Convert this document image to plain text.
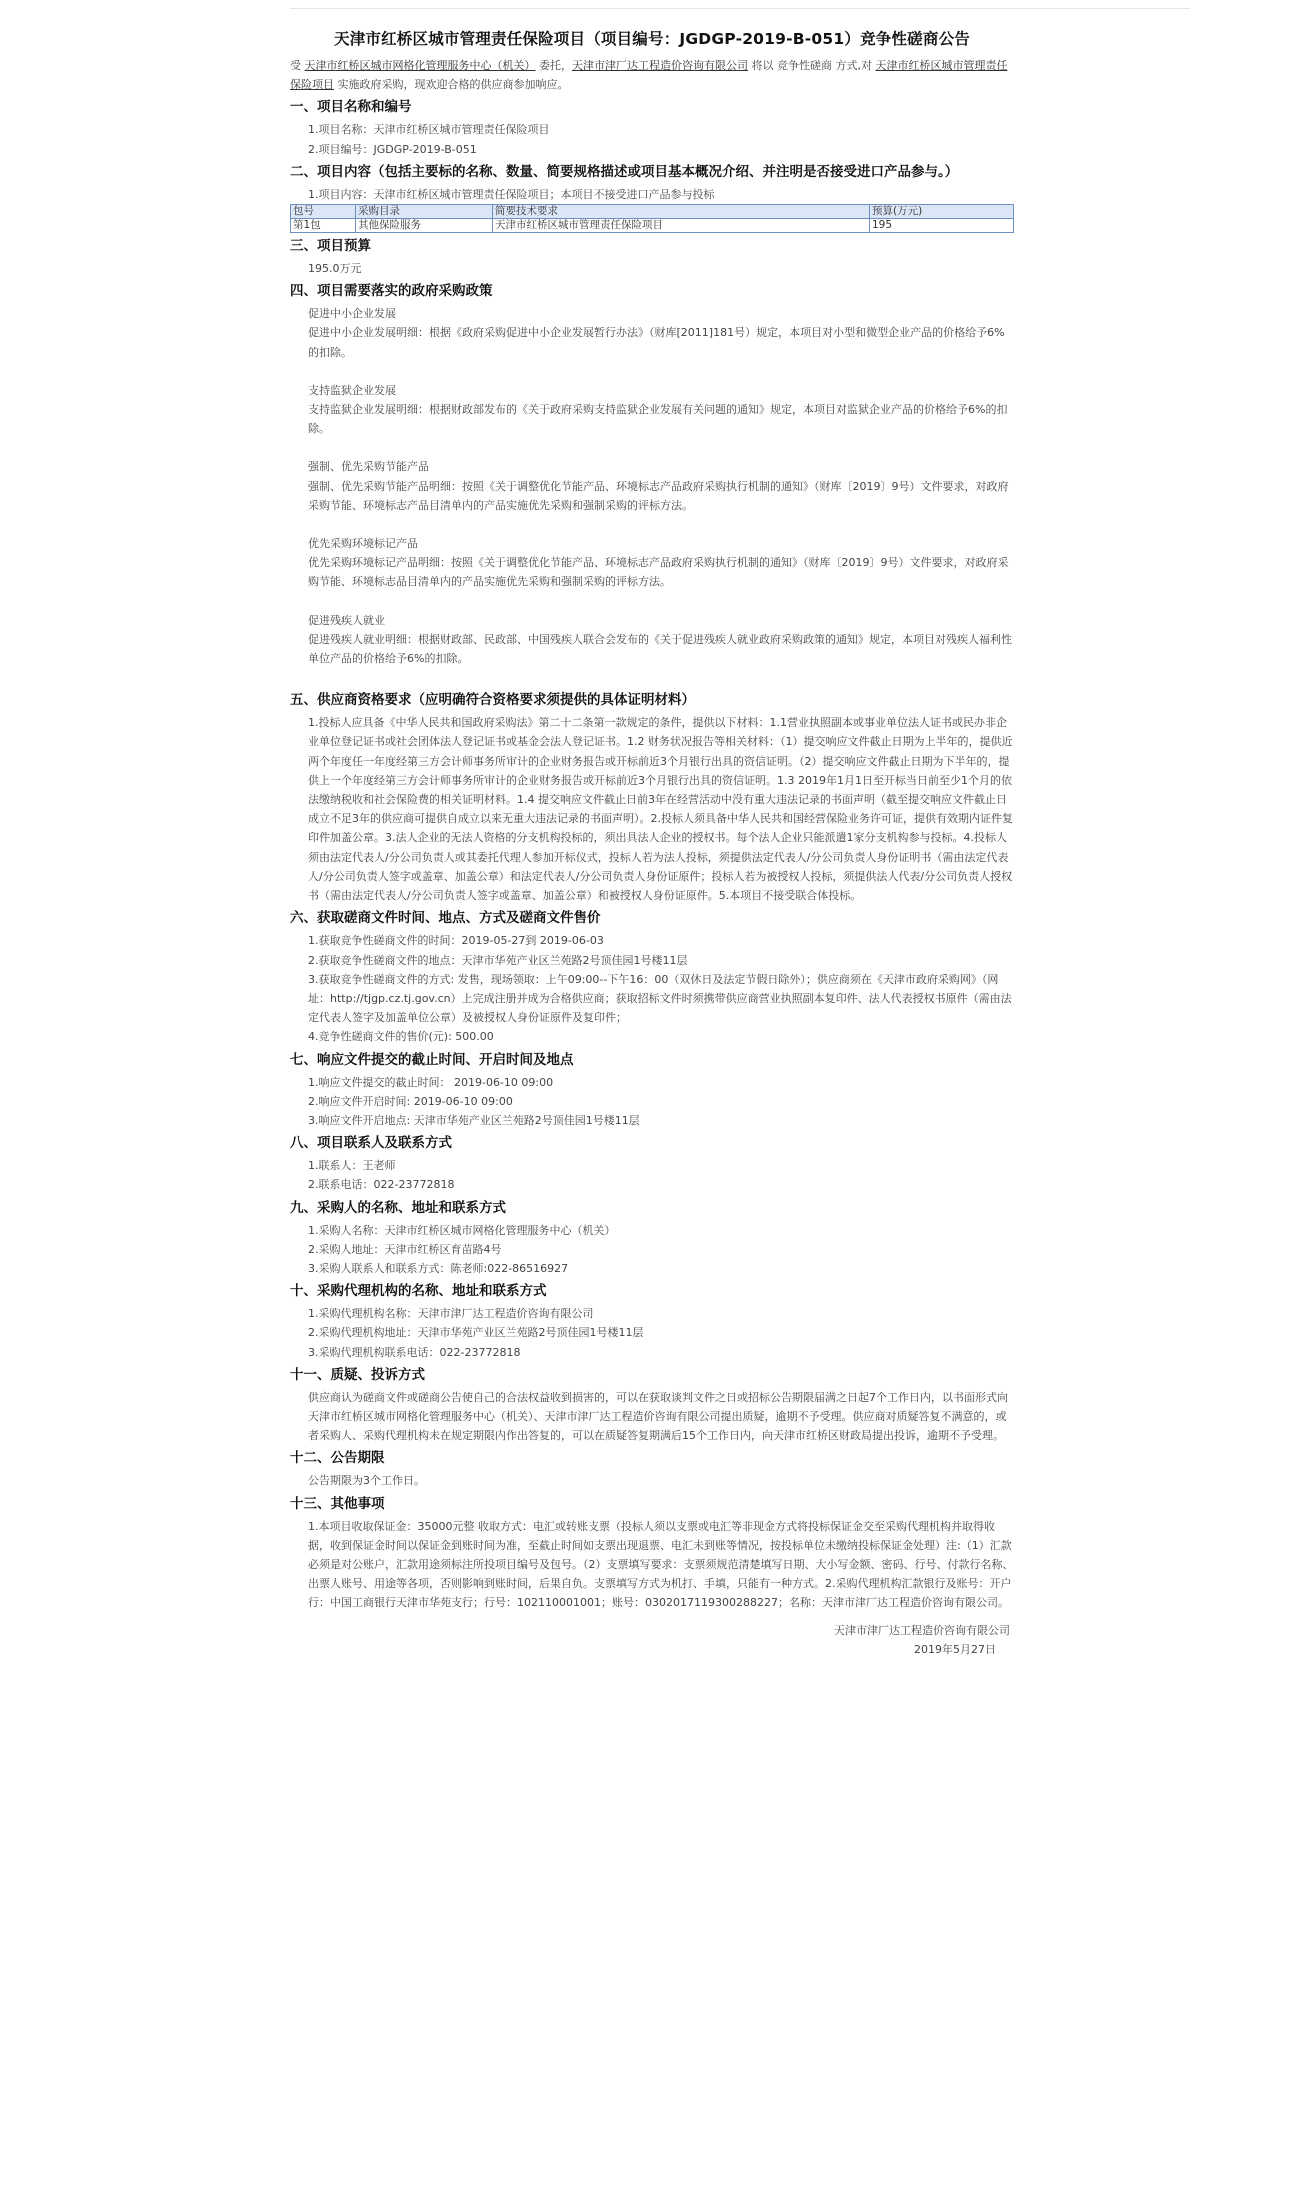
天津市红桥区城市管理责任保险项目（项目编号：JGDGP-2019-B-051）竞争性磋商公告

受 天津市红桥区城市网格化管理服务中心（机关） 委托，天津市津厂达工程造价咨询有限公司 将以 竞争性磋商 方式,对 天津市红桥区城市管理责任保险项目 实施政府采购，现欢迎合格的供应商参加响应。

一、项目名称和编号

1.项目名称：天津市红桥区城市管理责任保险项目

2.项目编号：JGDGP-2019-B-051

二、项目内容（包括主要标的名称、数量、简要规格描述或项目基本概况介绍、并注明是否接受进口产品参与。）

1.项目内容：天津市红桥区城市管理责任保险项目；本项目不接受进口产品参与投标

包号	采购目录	简要技术要求	预算(万元)
第1包	其他保险服务	天津市红桥区城市管理责任保险项目	195
三、项目预算

195.0万元

四、项目需要落实的政府采购政策

促进中小企业发展

促进中小企业发展明细：根据《政府采购促进中小企业发展暂行办法》（财库[2011]181号）规定，本项目对小型和微型企业产品的价格给予6%的扣除。

支持监狱企业发展

支持监狱企业发展明细：根据财政部发布的《关于政府采购支持监狱企业发展有关问题的通知》规定，本项目对监狱企业产品的价格给予6%的扣除。

强制、优先采购节能产品

强制、优先采购节能产品明细：按照《关于调整优化节能产品、环境标志产品政府采购执行机制的通知》（财库〔2019〕9号）文件要求，对政府采购节能、环境标志产品目清单内的产品实施优先采购和强制采购的评标方法。

优先采购环境标记产品

优先采购环境标记产品明细：按照《关于调整优化节能产品、环境标志产品政府采购执行机制的通知》（财库〔2019〕9号）文件要求，对政府采购节能、环境标志品目清单内的产品实施优先采购和强制采购的评标方法。

促进残疾人就业

促进残疾人就业明细：根据财政部、民政部、中国残疾人联合会发布的《关于促进残疾人就业政府采购政策的通知》规定，本项目对残疾人福利性单位产品的价格给予6%的扣除。

五、供应商资格要求（应明确符合资格要求须提供的具体证明材料）

1.投标人应具备《中华人民共和国政府采购法》第二十二条第一款规定的条件，提供以下材料：1.1营业执照副本或事业单位法人证书或民办非企业单位登记证书或社会团体法人登记证书或基金会法人登记证书。1.2 财务状况报告等相关材料：（1）提交响应文件截止日期为上半年的，提供近两个年度任一年度经第三方会计师事务所审计的企业财务报告或开标前近3个月银行出具的资信证明。（2）提交响应文件截止日期为下半年的，提供上一个年度经第三方会计师事务所审计的企业财务报告或开标前近3个月银行出具的资信证明。1.3 2019年1月1日至开标当日前至少1个月的依法缴纳税收和社会保险费的相关证明材料。1.4 提交响应文件截止日前3年在经营活动中没有重大违法记录的书面声明（截至提交响应文件截止日成立不足3年的供应商可提供自成立以来无重大违法记录的书面声明）。2.投标人须具备中华人民共和国经营保险业务许可证，提供有效期内证件复印件加盖公章。3.法人企业的无法人资格的分支机构投标的，须出具法人企业的授权书。每个法人企业只能派遣1家分支机构参与投标。4.投标人须由法定代表人/分公司负责人或其委托代理人参加开标仪式，投标人若为法人投标，须提供法定代表人/分公司负责人身份证明书（需由法定代表人/分公司负责人签字或盖章、加盖公章）和法定代表人/分公司负责人身份证原件；投标人若为被授权人投标，须提供法人代表/分公司负责人授权书（需由法定代表人/分公司负责人签字或盖章、加盖公章）和被授权人身份证原件。5.本项目不接受联合体投标。

六、获取磋商文件时间、地点、方式及磋商文件售价

1.获取竞争性磋商文件的时间：2019-05-27到 2019-06-03

2.获取竞争性磋商文件的地点：天津市华苑产业区兰苑路2号顶佳园1号楼11层

3.获取竞争性磋商文件的方式: 发售，现场领取：上午09:00--下午16：00（双休日及法定节假日除外）；供应商须在《天津市政府采购网》（网址：http://tjgp.cz.tj.gov.cn）上完成注册并成为合格供应商；获取招标文件时须携带供应商营业执照副本复印件、法人代表授权书原件（需由法定代表人签字及加盖单位公章）及被授权人身份证原件及复印件；

4.竞争性磋商文件的售价(元): 500.00

七、响应文件提交的截止时间、开启时间及地点

1.响应文件提交的截止时间： 2019-06-10 09:00

2.响应文件开启时间: 2019-06-10 09:00

3.响应文件开启地点: 天津市华苑产业区兰苑路2号顶佳园1号楼11层

八、项目联系人及联系方式

1.联系人：王老师

2.联系电话：022-23772818

九、采购人的名称、地址和联系方式

1.采购人名称：天津市红桥区城市网格化管理服务中心（机关）

2.采购人地址：天津市红桥区育苗路4号

3.采购人联系人和联系方式：陈老师:022-86516927

十、采购代理机构的名称、地址和联系方式

1.采购代理机构名称：天津市津厂达工程造价咨询有限公司

2.采购代理机构地址：天津市华苑产业区兰苑路2号顶佳园1号楼11层

3.采购代理机构联系电话：022-23772818

十一、质疑、投诉方式

供应商认为磋商文件或磋商公告使自己的合法权益收到损害的，可以在获取谈判文件之日或招标公告期限届满之日起7个工作日内，以书面形式向 天津市红桥区城市网格化管理服务中心（机关）、天津市津厂达工程造价咨询有限公司提出质疑，逾期不予受理。供应商对质疑答复不满意的，或者采购人、采购代理机构未在规定期限内作出答复的，可以在质疑答复期满后15个工作日内，向天津市红桥区财政局提出投诉，逾期不予受理。

十二、公告期限

公告期限为3个工作日。

十三、其他事项

1.本项目收取保证金：35000元整 收取方式：电汇或转账支票（投标人须以支票或电汇等非现金方式将投标保证金交至采购代理机构并取得收据，收到保证金时间以保证金到账时间为准，至截止时间如支票出现退票、电汇未到账等情况，按投标单位未缴纳投标保证金处理）注:（1）汇款必须是对公账户，汇款用途须标注所投项目编号及包号。（2）支票填写要求：支票须规范清楚填写日期、大小写金额、密码、行号、付款行名称、出票人账号、用途等各项，否则影响到账时间，后果自负。支票填写方式为机打、手填，只能有一种方式。2.采购代理机构汇款银行及账号：开户行：中国工商银行天津市华苑支行；行号：102110001001；账号：0302017119300288227；名称：天津市津厂达工程造价咨询有限公司。

天津市津厂达工程造价咨询有限公司
2019年5月27日
